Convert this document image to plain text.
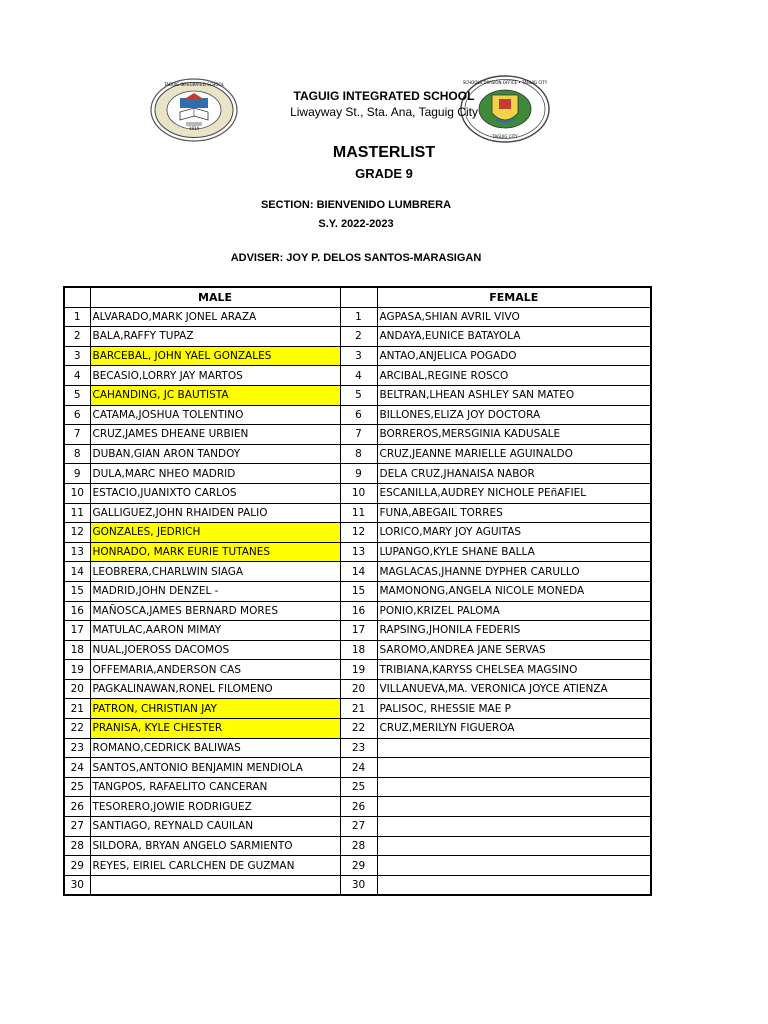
1914
TAGUIG INTEGRATED SCHOOL	SCHOOLS DIVISION OFFICE • TAGUIG CITY
TAGUIG CITY
TAGUIG INTEGRATED SCHOOL
Liwayway St., Sta. Ana, Taguig City
MASTERLIST
GRADE 9
SECTION: BIENVENIDO LUMBRERA
S.Y. 2022-2023
ADVISER: JOY P. DELOS SANTOS-MARASIGAN
	MALE		FEMALE
1	ALVARADO,MARK JONEL ARAZA	1	AGPASA,SHIAN AVRIL VIVO
2	BALA,RAFFY TUPAZ	2	ANDAYA,EUNICE BATAYOLA
3	BARCEBAL, JOHN YAEL GONZALES	3	ANTAO,ANJELICA POGADO
4	BECASIO,LORRY JAY MARTOS	4	ARCIBAL,REGINE ROSCO
5	CAHANDING, JC BAUTISTA	5	BELTRAN,LHEAN ASHLEY SAN MATEO
6	CATAMA,JOSHUA TOLENTINO	6	BILLONES,ELIZA JOY DOCTORA
7	CRUZ,JAMES DHEANE URBIEN	7	BORREROS,MERSGINIA KADUSALE
8	DUBAN,GIAN ARON TANDOY	8	CRUZ,JEANNE MARIELLE AGUINALDO
9	DULA,MARC NHEO MADRID	9	DELA CRUZ,JHANAISA NABOR
10	ESTACIO,JUANIXTO CARLOS	10	ESCANILLA,AUDREY NICHOLE PEñAFIEL
11	GALLIGUEZ,JOHN RHAIDEN PALIO	11	FUNA,ABEGAIL TORRES
12	GONZALES, JEDRICH	12	LORICO,MARY JOY AGUITAS
13	HONRADO, MARK EURIE TUTANES	13	LUPANGO,KYLE SHANE BALLA
14	LEOBRERA,CHARLWIN SIAGA	14	MAGLACAS,JHANNE DYPHER CARULLO
15	MADRID,JOHN DENZEL -	15	MAMONONG,ANGELA NICOLE MONEDA
16	MAÑOSCA,JAMES BERNARD MORES	16	PONIO,KRIZEL PALOMA
17	MATULAC,AARON MIMAY	17	RAPSING,JHONILA FEDERIS
18	NUAL,JOEROSS DACOMOS	18	SAROMO,ANDREA JANE SERVAS
19	OFFEMARIA,ANDERSON CAS	19	TRIBIANA,KARYSS CHELSEA MAGSINO
20	PAGKALINAWAN,RONEL FILOMENO	20	VILLANUEVA,MA. VERONICA JOYCE ATIENZA
21	PATRON, CHRISTIAN JAY	21	PALISOC, RHESSIE MAE P
22	PRANISA, KYLE CHESTER	22	CRUZ,MERILYN FIGUEROA
23	ROMANO,CEDRICK BALIWAS	23	
24	SANTOS,ANTONIO BENJAMIN MENDIOLA	24	
25	TANGPOS, RAFAELITO CANCERAN	25	
26	TESORERO,JOWIE RODRIGUEZ	26	
27	SANTIAGO, REYNALD CAUILAN	27	
28	SILDORA, BRYAN ANGELO SARMIENTO	28	
29	REYES, EIRIEL CARLCHEN DE GUZMAN	29	
30		30	
